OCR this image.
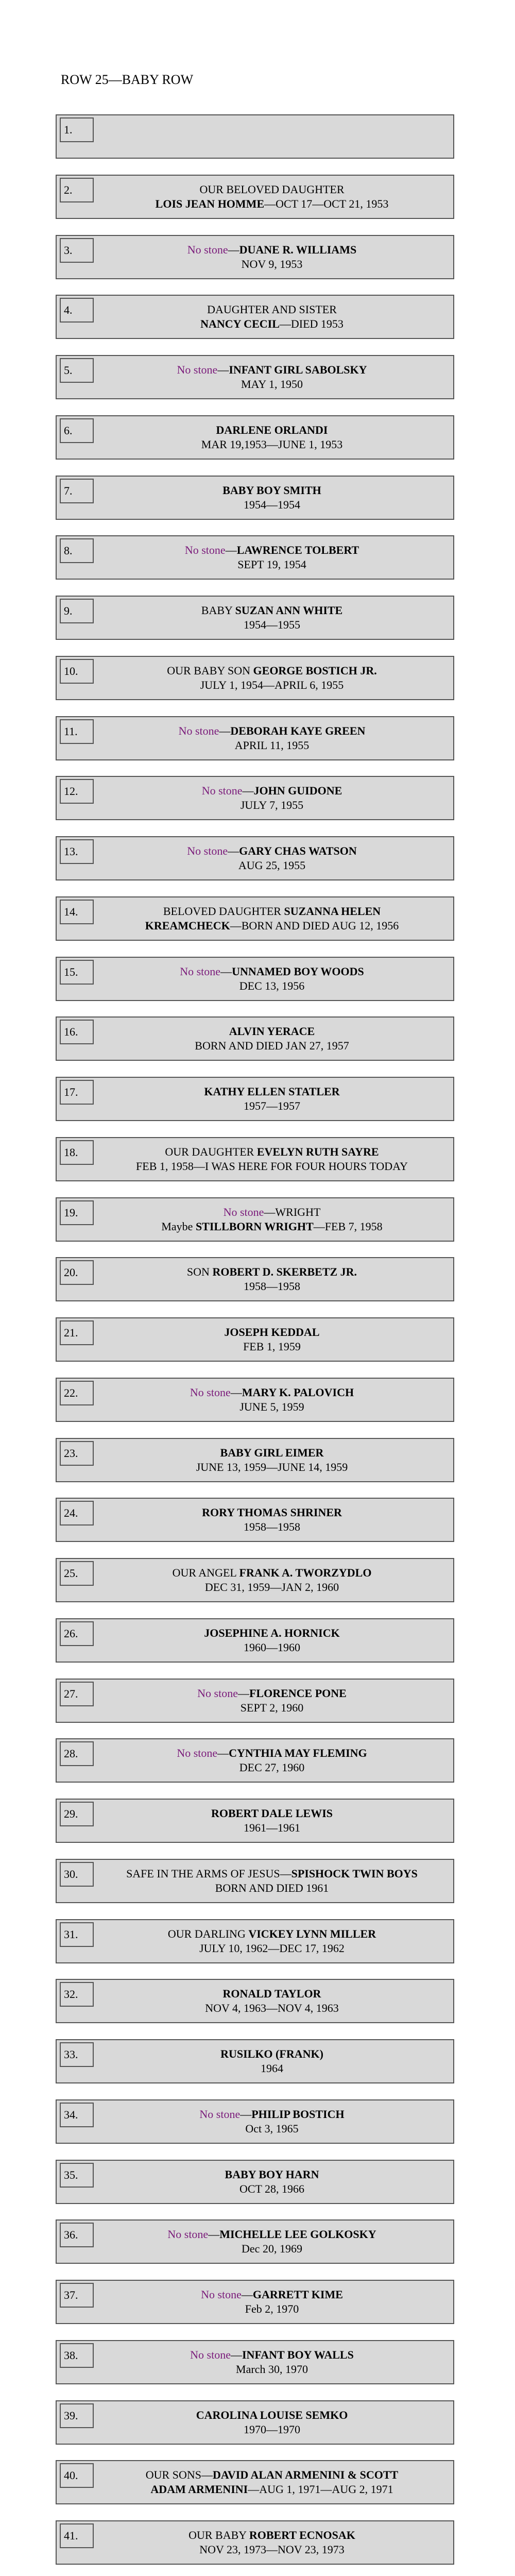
ROW 25—BABY ROW
1.
2.	OUR BELOVED DAUGHTER
LOIS JEAN HOMME—OCT 17—OCT 21, 1953
3.	No stone—DUANE R. WILLIAMS
NOV 9, 1953
4.	DAUGHTER AND SISTER
NANCY CECIL—DIED 1953
5.	No stone—INFANT GIRL SABOLSKY
MAY 1, 1950
6.	DARLENE ORLANDI
MAR 19,1953—JUNE 1, 1953
7.	BABY BOY SMITH
1954—1954
8.	No stone—LAWRENCE TOLBERT
SEPT 19, 1954
9.	BABY SUZAN ANN WHITE
1954—1955
10.	OUR BABY SON GEORGE BOSTICH JR.
JULY 1, 1954—APRIL 6, 1955
11.	No stone—DEBORAH KAYE GREEN
APRIL 11, 1955
12.	No stone—JOHN GUIDONE
JULY 7, 1955
13.	No stone—GARY CHAS WATSON
AUG 25, 1955
14.	BELOVED DAUGHTER SUZANNA HELEN
KREAMCHECK—BORN AND DIED AUG 12, 1956
15.	No stone—UNNAMED BOY WOODS
DEC 13, 1956
16.	ALVIN YERACE
BORN AND DIED JAN 27, 1957
17.	KATHY ELLEN STATLER
1957—1957
18.	OUR DAUGHTER EVELYN RUTH SAYRE
FEB 1, 1958—I WAS HERE FOR FOUR HOURS TODAY
19.	No stone—WRIGHT
Maybe STILLBORN WRIGHT—FEB 7, 1958
20.	SON ROBERT D. SKERBETZ JR.
1958—1958
21.	JOSEPH KEDDAL
FEB 1, 1959
22.	No stone—MARY K. PALOVICH
JUNE 5, 1959
23.	BABY GIRL EIMER
JUNE 13, 1959—JUNE 14, 1959
24.	RORY THOMAS SHRINER
1958—1958
25.	OUR ANGEL FRANK A. TWORZYDLO
DEC 31, 1959—JAN 2, 1960
26.	JOSEPHINE A. HORNICK
1960—1960
27.	No stone—FLORENCE PONE
SEPT 2, 1960
28.	No stone—CYNTHIA MAY FLEMING
DEC 27, 1960
29.	ROBERT DALE LEWIS
1961—1961
30.	SAFE IN THE ARMS OF JESUS—SPISHOCK TWIN BOYS
BORN AND DIED 1961
31.	OUR DARLING VICKEY LYNN MILLER
JULY 10, 1962—DEC 17, 1962
32.	RONALD TAYLOR
NOV 4, 1963—NOV 4, 1963
33.	RUSILKO (FRANK)
1964
34.	No stone—PHILIP BOSTICH
Oct 3, 1965
35.	BABY BOY HARN
OCT 28, 1966
36.	No stone—MICHELLE LEE GOLKOSKY
Dec 20, 1969
37.	No stone—GARRETT KIME
Feb 2, 1970
38.	No stone—INFANT BOY WALLS
March 30, 1970
39.	CAROLINA LOUISE SEMKO
1970—1970
40.	OUR SONS—DAVID ALAN ARMENINI & SCOTT
ADAM ARMENINI—AUG 1, 1971—AUG 2, 1971
41.	OUR BABY ROBERT ECNOSAK
NOV 23, 1973—NOV 23, 1973
